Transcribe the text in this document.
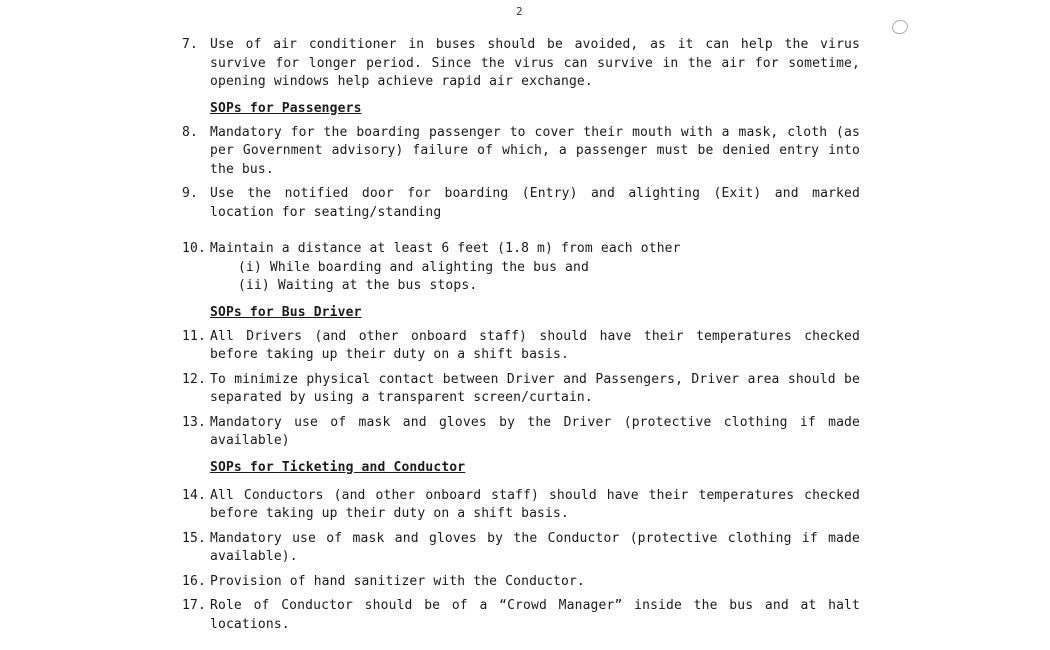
2
7. Use of air conditioner in buses should be avoided, as it can help the virus survive for longer period. Since the virus can survive in the air for sometime, opening windows help achieve rapid air exchange.
SOPs for Passengers
8. Mandatory for the boarding passenger to cover their mouth with a mask, cloth (as per Government advisory) failure of which, a passenger must be denied entry into the bus.
9. Use the notified door for boarding (Entry) and alighting (Exit) and marked location for seating/standing
10. Maintain a distance at least 6 feet (1.8 m) from each other
(i) While boarding and alighting the bus and
(ii) Waiting at the bus stops.
SOPs for Bus Driver
11. All Drivers (and other onboard staff) should have their temperatures checked before taking up their duty on a shift basis.
12. To minimize physical contact between Driver and Passengers, Driver area should be separated by using a transparent screen/curtain.
13. Mandatory use of mask and gloves by the Driver (protective clothing if made available)
SOPs for Ticketing and Conductor
14. All Conductors (and other onboard staff) should have their temperatures checked before taking up their duty on a shift basis.
15. Mandatory use of mask and gloves by the Conductor (protective clothing if made available).
16. Provision of hand sanitizer with the Conductor.
17. Role of Conductor should be of a “Crowd Manager” inside the bus and at halt locations.
